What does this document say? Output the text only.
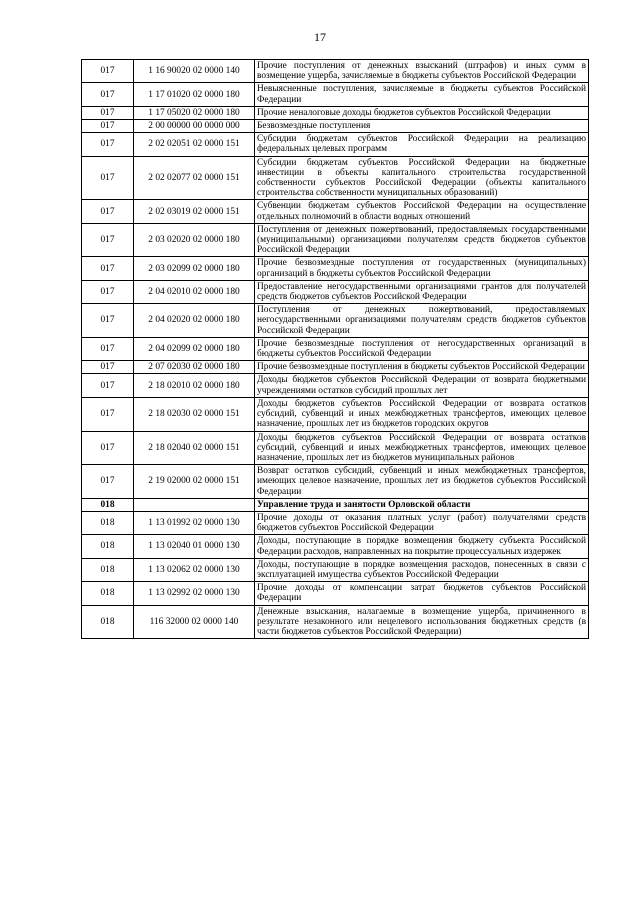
17
017	1 16 90020 02 0000 140	Прочие поступления от денежных взысканий (штрафов) и иных сумм в возмещение ущерба, зачисляемые в бюджеты субъектов Российской Федерации
017	1 17 01020 02 0000 180	Невыясненные поступления, зачисляемые в бюджеты субъектов Российской Федерации
017	1 17 05020 02 0000 180	Прочие неналоговые доходы бюджетов субъектов Российской Федерации
017	2 00 00000 00 0000 000	Безвозмездные поступления
017	2 02 02051 02 0000 151	Субсидии бюджетам субъектов Российской Федерации на реализацию федеральных целевых программ
017	2 02 02077 02 0000 151	Субсидии бюджетам субъектов Российской Федерации на бюджетные инвестиции в объекты капитального строительства государственной собственности субъектов Российской Федерации (объекты капитального строительства собственности муниципальных образований)
017	2 02 03019 02 0000 151	Субвенции бюджетам субъектов Российской Федерации на осуществление отдельных полномочий в области водных отношений
017	2 03 02020 02 0000 180	Поступления от денежных пожертвований, предоставляемых государственными (муниципальными) организациями получателям средств бюджетов субъектов Российской Федерации
017	2 03 02099 02 0000 180	Прочие безвозмездные поступления от государственных (муниципальных) организаций в бюджеты субъектов Российской Федерации
017	2 04 02010 02 0000 180	Предоставление негосударственными организациями грантов для получателей средств бюджетов субъектов Российской Федерации
017	2 04 02020 02 0000 180	Поступления от денежных пожертвований, предоставляемых негосударственными организациями получателям средств бюджетов субъектов Российской Федерации
017	2 04 02099 02 0000 180	Прочие безвозмездные поступления от негосударственных организаций в бюджеты субъектов Российской Федерации
017	2 07 02030 02 0000 180	Прочие безвозмездные поступления в бюджеты субъектов Российской Федерации
017	2 18 02010 02 0000 180	Доходы бюджетов субъектов Российской Федерации от возврата бюджетными учреждениями остатков субсидий прошлых лет
017	2 18 02030 02 0000 151	Доходы бюджетов субъектов Российской Федерации от возврата остатков субсидий, субвенций и иных межбюджетных трансфертов, имеющих целевое назначение, прошлых лет из бюджетов городских округов
017	2 18 02040 02 0000 151	Доходы бюджетов субъектов Российской Федерации от возврата остатков субсидий, субвенций и иных межбюджетных трансфертов, имеющих целевое назначение, прошлых лет из бюджетов муниципальных районов
017	2 19 02000 02 0000 151	Возврат остатков субсидий, субвенций и иных межбюджетных трансфертов, имеющих целевое назначение, прошлых лет из бюджетов субъектов Российской Федерации
018		Управление труда и занятости Орловской области
018	1 13 01992 02 0000 130	Прочие доходы от оказания платных услуг (работ) получателями средств бюджетов субъектов Российской Федерации
018	1 13 02040 01 0000 130	Доходы, поступающие в порядке возмещения бюджету субъекта Российской Федерации расходов, направленных на покрытие процессуальных издержек
018	1 13 02062 02 0000 130	Доходы, поступающие в порядке возмещения расходов, понесенных в связи с эксплуатацией имущества субъектов Российской Федерации
018	1 13 02992 02 0000 130	Прочие доходы от компенсации затрат бюджетов субъектов Российской Федерации
018	116 32000 02 0000 140	Денежные взыскания, налагаемые в возмещение ущерба, причиненного в результате незаконного или нецелевого использования бюджетных средств (в части бюджетов субъектов Российской Федерации)
